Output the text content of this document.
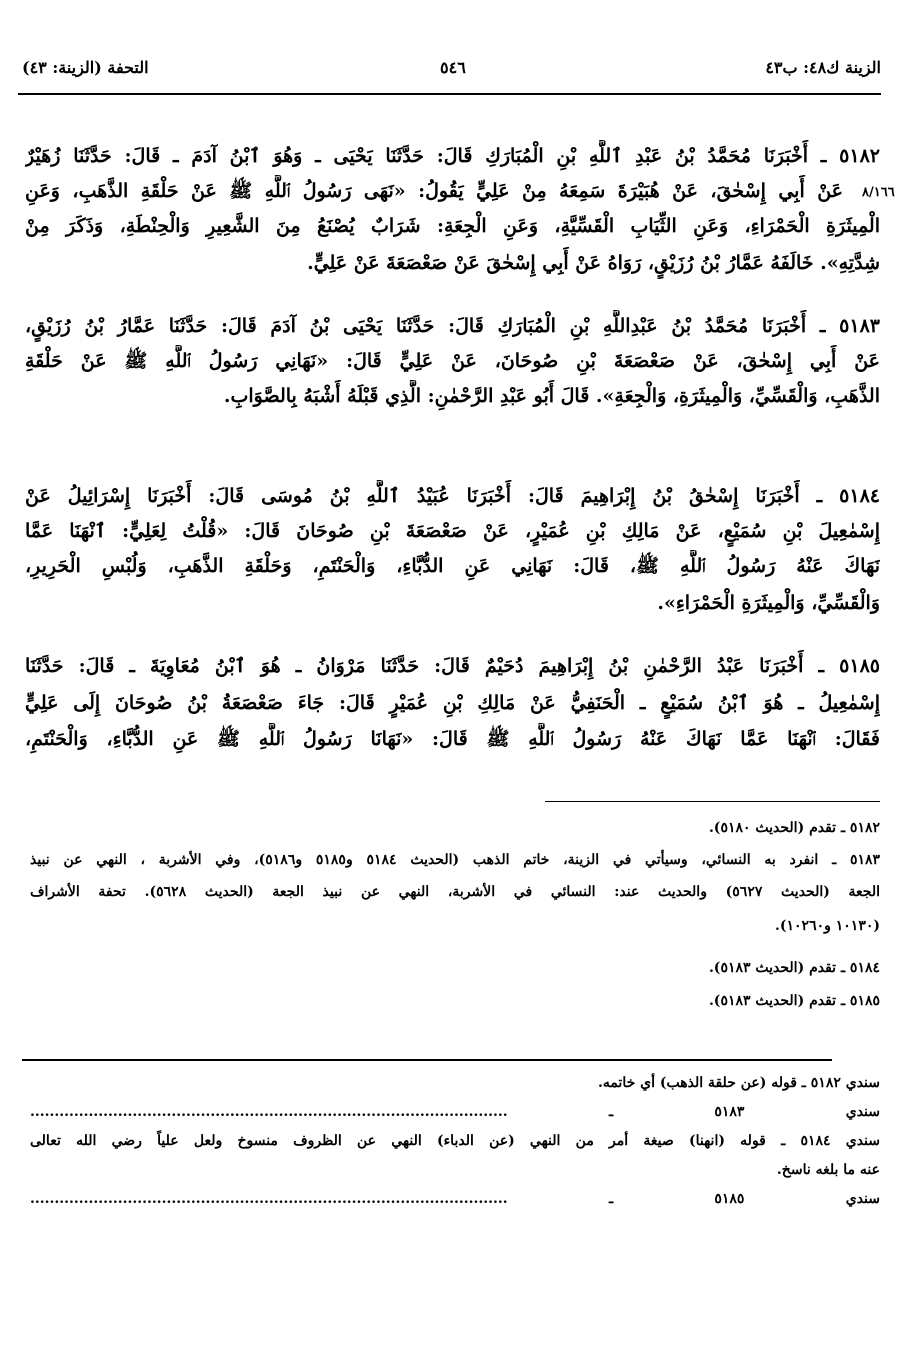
الزينة ك٤٨: ب٤٣
٥٤٦
التحفة (الزينة: ٤٣)
٨/١٦٦
٥١٨٢ ـ أَخْبَرَنَا مُحَمَّدُ بْنُ عَبْدِ ٱللَّهِ بْنِ الْمُبَارَكِ قَالَ: حَدَّثَنَا يَحْيَى ـ وَهُوَ ٱبْنُ آدَمَ ـ قَالَ: حَدَّثَنَا زُهَيْرٌ
عَنْ أَبِي إِسْحٰقَ، عَنْ هُبَيْرَةَ سَمِعَهُ مِنْ عَلِيٍّ يَقُولُ: «نَهَى رَسُولُ ٱللَّهِ ﷺ عَنْ حَلْقَةِ الذَّهَبِ، وَعَنِ
الْمِيثَرَةِ الْحَمْرَاءِ، وَعَنِ الثِّيَابِ الْقَسِّيَّةِ، وَعَنِ الْجِعَةِ: شَرَابٌ يُصْنَعُ مِنَ الشَّعِيرِ وَالْحِنْطَةِ، وَذَكَرَ مِنْ
شِدَّتِهِ». خَالَفَهُ عَمَّارُ بْنُ رُزَيْقٍ، رَوَاهُ عَنْ أَبِي إِسْحٰقَ عَنْ صَعْصَعَةَ عَنْ عَلِيٍّ.
٥١٨٣ ـ أَخْبَرَنَا مُحَمَّدُ بْنُ عَبْدِاللَّهِ بْنِ الْمُبَارَكِ قَالَ: حَدَّثَنَا يَحْيَى بْنُ آدَمَ قَالَ: حَدَّثَنَا عَمَّارُ بْنُ رُزَيْقٍ،
عَنْ أَبِي إِسْحٰقَ، عَنْ صَعْصَعَةَ بْنِ صُوحَانَ، عَنْ عَلِيٍّ قَالَ: «نَهَانِي رَسُولُ ٱللَّهِ ﷺ عَنْ حَلْقَةِ
الذَّهَبِ، وَالْقَسِّيِّ، وَالْمِيثَرَةِ، وَالْجِعَةِ». قَالَ أَبُو عَبْدِ الرَّحْمٰنِ: الَّذِي قَبْلَهُ أَشْبَهُ بِالصَّوَابِ.
٥١٨٤ ـ أَخْبَرَنَا إِسْحٰقُ بْنُ إِبْرَاهِيمَ قَالَ: أَخْبَرَنَا عُبَيْدُ ٱللَّهِ بْنُ مُوسَى قَالَ: أَخْبَرَنَا إِسْرَائِيلُ عَنْ
إِسْمٰعِيلَ بْنِ سُمَيْعٍ، عَنْ مَالِكِ بْنِ عُمَيْرٍ، عَنْ صَعْصَعَةَ بْنِ صُوحَانَ قَالَ: «قُلْتُ لِعَلِيٍّ: ٱنْهَنَا عَمَّا
نَهَاكَ عَنْهُ رَسُولُ ٱللَّهِ ﷺ، قَالَ: نَهَانِي عَنِ الدُّبَّاءِ، وَالْحَنْتَمِ، وَحَلْقَةِ الذَّهَبِ، وَلُبْسِ الْحَرِيرِ،
وَالْقَسِّيِّ، وَالْمِيثَرَةِ الْحَمْرَاءِ».
٥١٨٥ ـ أَخْبَرَنَا عَبْدُ الرَّحْمٰنِ بْنُ إِبْرَاهِيمَ دُحَيْمٌ قَالَ: حَدَّثَنَا مَرْوَانُ ـ هُوَ ٱبْنُ مُعَاوِيَةَ ـ قَالَ: حَدَّثَنَا
إِسْمٰعِيلُ ـ هُوَ ٱبْنُ سُمَيْعٍ ـ الْحَنَفِيُّ عَنْ مَالِكِ بْنِ عُمَيْرٍ قَالَ: جَاءَ صَعْصَعَةُ بْنُ صُوحَانَ إِلَى عَلِيٍّ
فَقَالَ: ٱنْهَنَا عَمَّا نَهَاكَ عَنْهُ رَسُولُ ٱللَّهِ ﷺ قَالَ: «نَهَانَا رَسُولُ ٱللَّهِ ﷺ عَنِ الدُّبَّاءِ، وَالْحَنْتَمِ،
٥١٨٢ ـ تقدم (الحديث ٥١٨٠).
٥١٨٣ ـ انفرد به النسائي، وسيأتي في الزينة، خاتم الذهب (الحديث ٥١٨٤ و٥١٨٥ و٥١٨٦)، وفي الأشربة ، النهي عن نبيذ
الجعة (الحديث ٥٦٢٧) والحديث عند: النسائي في الأشربة، النهي عن نبيذ الجعة (الحديث ٥٦٢٨). تحفة الأشراف
(١٠١٣٠ و١٠٢٦٠).
٥١٨٤ ـ تقدم (الحديث ٥١٨٣).
٥١٨٥ ـ تقدم (الحديث ٥١٨٣).
سندي ٥١٨٢ ـ قوله (عن حلقة الذهب) أي خاتمه.
سندي ٥١٨٣ ـ ..................................................................................................
سندي ٥١٨٤ ـ قوله (انهنا) صيغة أمر من النهي (عن الدباء) النهي عن الظروف منسوخ ولعل علياً رضي الله تعالى
عنه ما بلغه ناسخ.
سندي ٥١٨٥ ـ ..................................................................................................
